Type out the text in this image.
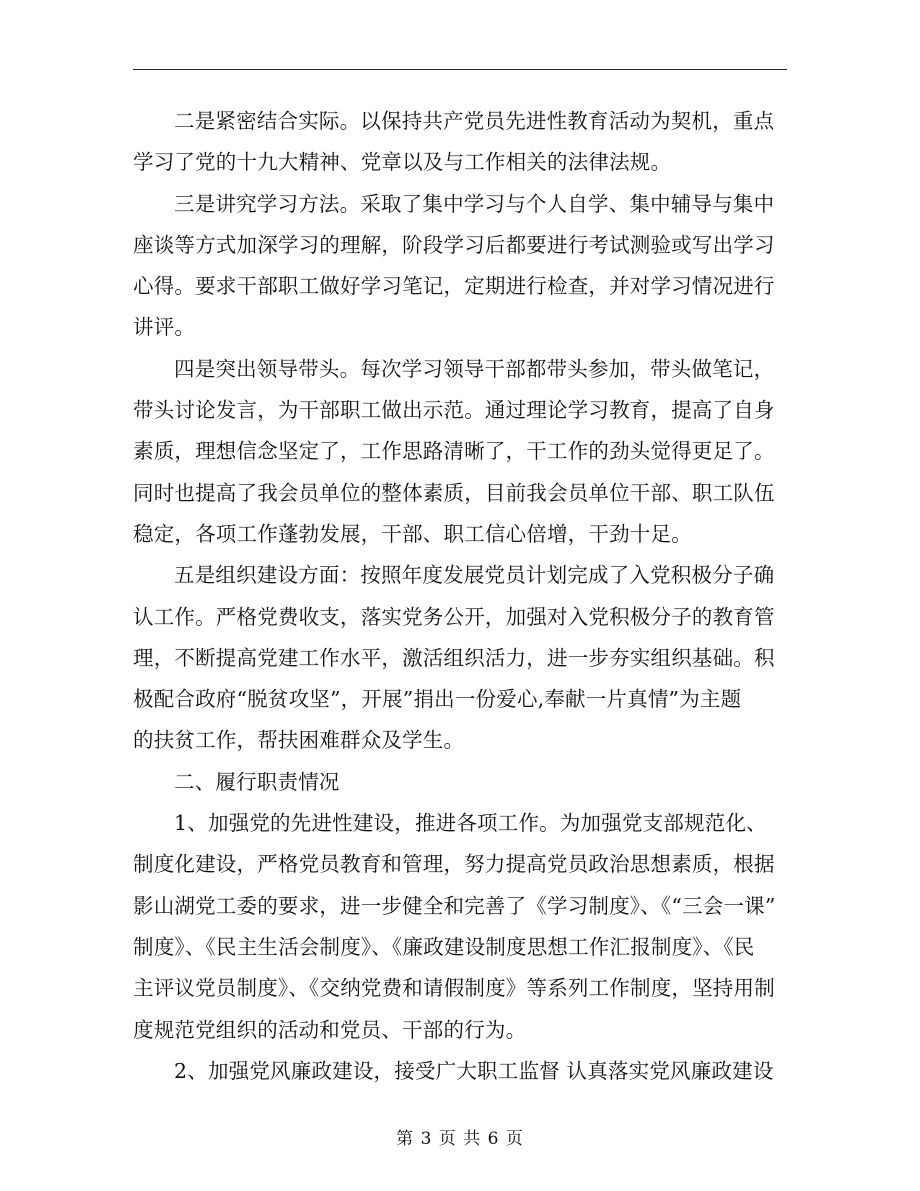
二是紧密结合实际。以保持共产党员先进性教育活动为契机，重点
学习了党的十九大精神、党章以及与工作相关的法律法规。

三是讲究学习方法。采取了集中学习与个人自学、集中辅导与集中
座谈等方式加深学习的理解，阶段学习后都要进行考试测验或写出学习
心得。要求干部职工做好学习笔记，定期进行检查，并对学习情况进行
讲评。

四是突出领导带头。每次学习领导干部都带头参加，带头做笔记，
带头讨论发言，为干部职工做出示范。通过理论学习教育，提高了自身
素质，理想信念坚定了，工作思路清晰了，干工作的劲头觉得更足了。
同时也提高了我会员单位的整体素质，目前我会员单位干部、职工队伍
稳定，各项工作蓬勃发展，干部、职工信心倍增，干劲十足。

五是组织建设方面：按照年度发展党员计划完成了入党积极分子确
认工作。严格党费收支，落实党务公开，加强对入党积极分子的教育管
理，不断提高党建工作水平，激活组织活力，进一步夯实组织基础。积
极配合政府“脱贫攻坚”，开展”捐出一份爱心,奉献一片真情”为主题
的扶贫工作，帮扶困难群众及学生。

二、履行职责情况

1、加强党的先进性建设，推进各项工作。为加强党支部规范化、
制度化建设，严格党员教育和管理，努力提高党员政治思想素质，根据
影山湖党工委的要求，进一步健全和完善了《学习制度》、《“三会一课”
制度》、《民主生活会制度》、《廉政建设制度思想工作汇报制度》、《民
主评议党员制度》、《交纳党费和请假制度》等系列工作制度，坚持用制
度规范党组织的活动和党员、干部的行为。

2、加强党风廉政建设，接受广大职工监督 认真落实党风廉政建设

第 3 页 共 6 页
